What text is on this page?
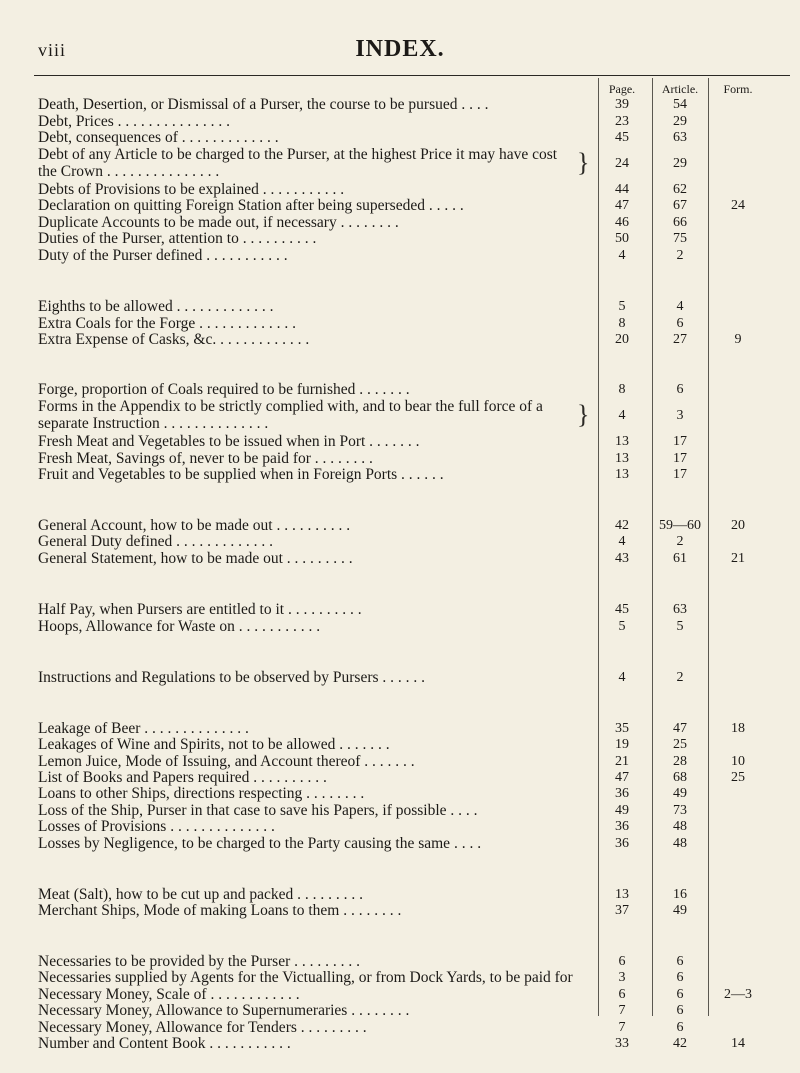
viii	INDEX.
Page.	Article.	Form.
Death, Desertion, or Dismissal of a Purser, the course to be pursued . . . .	39	54
Debt, Prices . . . . . . . . . . . . . . .	23	29
Debt, consequences of . . . . . . . . . . . . .	45	63
Debt of any Article to be charged to the Purser, at the highest Price it may have cost the Crown . . . . . . . . . . . . . . .	24	29
}
Debts of Provisions to be explained . . . . . . . . . . .	44	62
Declaration on quitting Foreign Station after being superseded . . . . .	47	67	24
Duplicate Accounts to be made out, if necessary . . . . . . . .	46	66
Duties of the Purser, attention to . . . . . . . . . .	50	75
Duty of the Purser defined . . . . . . . . . . .	4	2
Eighths to be allowed . . . . . . . . . . . . .	5	4
Extra Coals for the Forge . . . . . . . . . . . . .	8	6
Extra Expense of Casks, &c. . . . . . . . . . . . .	20	27	9
Forge, proportion of Coals required to be furnished . . . . . . .	8	6
Forms in the Appendix to be strictly complied with, and to bear the full force of a separate Instruction . . . . . . . . . . . . . .	4	3
}
Fresh Meat and Vegetables to be issued when in Port . . . . . . .	13	17
Fresh Meat, Savings of, never to be paid for . . . . . . . .	13	17
Fruit and Vegetables to be supplied when in Foreign Ports . . . . . .	13	17
General Account, how to be made out . . . . . . . . . .	42	59—60	20
General Duty defined . . . . . . . . . . . . .	4	2
General Statement, how to be made out . . . . . . . . .	43	61	21
Half Pay, when Pursers are entitled to it . . . . . . . . . .	45	63
Hoops, Allowance for Waste on . . . . . . . . . . .	5	5
Instructions and Regulations to be observed by Pursers . . . . . .	4	2
Leakage of Beer . . . . . . . . . . . . . .	35	47	18
Leakages of Wine and Spirits, not to be allowed . . . . . . .	19	25
Lemon Juice, Mode of Issuing, and Account thereof . . . . . . .	21	28	10
List of Books and Papers required . . . . . . . . . .	47	68	25
Loans to other Ships, directions respecting . . . . . . . .	36	49
Loss of the Ship, Purser in that case to save his Papers, if possible . . . .	49	73
Losses of Provisions . . . . . . . . . . . . . .	36	48
Losses by Negligence, to be charged to the Party causing the same . . . .	36	48
Meat (Salt), how to be cut up and packed . . . . . . . . .	13	16
Merchant Ships, Mode of making Loans to them . . . . . . . .	37	49
Necessaries to be provided by the Purser . . . . . . . . .	6	6
Necessaries supplied by Agents for the Victualling, or from Dock Yards, to be paid for	3	6
Necessary Money, Scale of . . . . . . . . . . . .	6	6	2—3
Necessary Money, Allowance to Supernumeraries . . . . . . . .	7	6
Necessary Money, Allowance for Tenders . . . . . . . . .	7	6
Number and Content Book . . . . . . . . . . .	33	42	14
